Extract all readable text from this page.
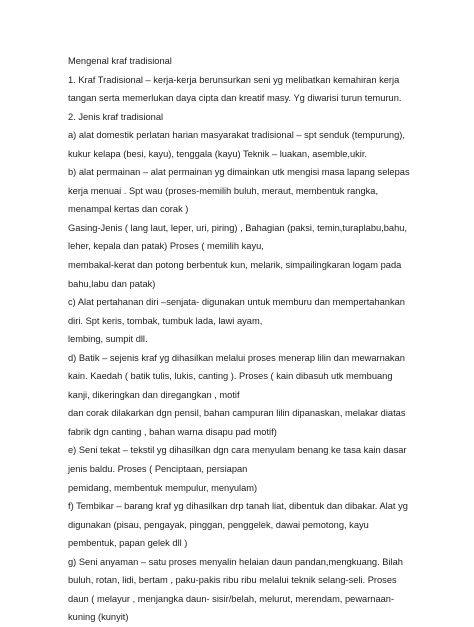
Mengenal kraf tradisional
1. Kraf Tradisional – kerja-kerja berunsurkan seni yg melibatkan kemahiran kerja
tangan serta memerlukan daya cipta dan kreatif masy. Yg diwarisi turun temurun.
2. Jenis kraf tradisional
a) alat domestik perlatan harian masyarakat tradisional – spt senduk (tempurung),
kukur kelapa (besi, kayu), tenggala (kayu) Teknik – luakan, asemble,ukir.
b) alat permainan – alat permainan yg dimainkan utk mengisi masa lapang selepas
kerja menuai . Spt wau (proses-memilih buluh, meraut, membentuk rangka,
menampal kertas dan corak )
Gasing-Jenis ( lang laut, leper, uri, piring) , Bahagian (paksi, temin,turaplabu,bahu,
leher, kepala dan patak) Proses ( memilih kayu,
membakal-kerat dan potong berbentuk kun, melarik, simpailingkaran logam pada
bahu,labu dan patak)
c) Alat pertahanan diri –senjata- digunakan untuk memburu dan mempertahankan
diri. Spt keris, tombak, tumbuk lada, lawi ayam,
lembing, sumpit dll.
d) Batik – sejenis kraf yg dihasilkan melalui proses menerap lilin dan mewarnakan
kain. Kaedah ( batik tulis, lukis, canting ). Proses ( kain dibasuh utk membuang
kanji, dikeringkan dan diregangkan , motif
dan corak dilakarkan dgn pensil, bahan campuran lilin dipanaskan, melakar diatas
fabrik dgn canting , bahan warna disapu pad motif)
e) Seni tekat – tekstil yg dihasilkan dgn cara menyulam benang ke tasa kain dasar
jenis baldu. Proses ( Penciptaan, persiapan
pemidang, membentuk mempulur, menyulam)
f) Tembikar – barang kraf yg dihasilkan drp tanah liat, dibentuk dan dibakar. Alat yg
digunakan (pisau, pengayak, pinggan, penggelek, dawai pemotong, kayu
pembentuk, papan gelek dll )
g) Seni anyaman – satu proses menyalin helaian daun pandan,mengkuang. Bilah
buluh, rotan, lidi, bertam , paku-pakis ribu ribu melalui teknik selang-seli. Proses
daun ( melayur , menjangka daun- sisir/belah, melurut, merendam, pewarnaan-
kuning (kunyit)
